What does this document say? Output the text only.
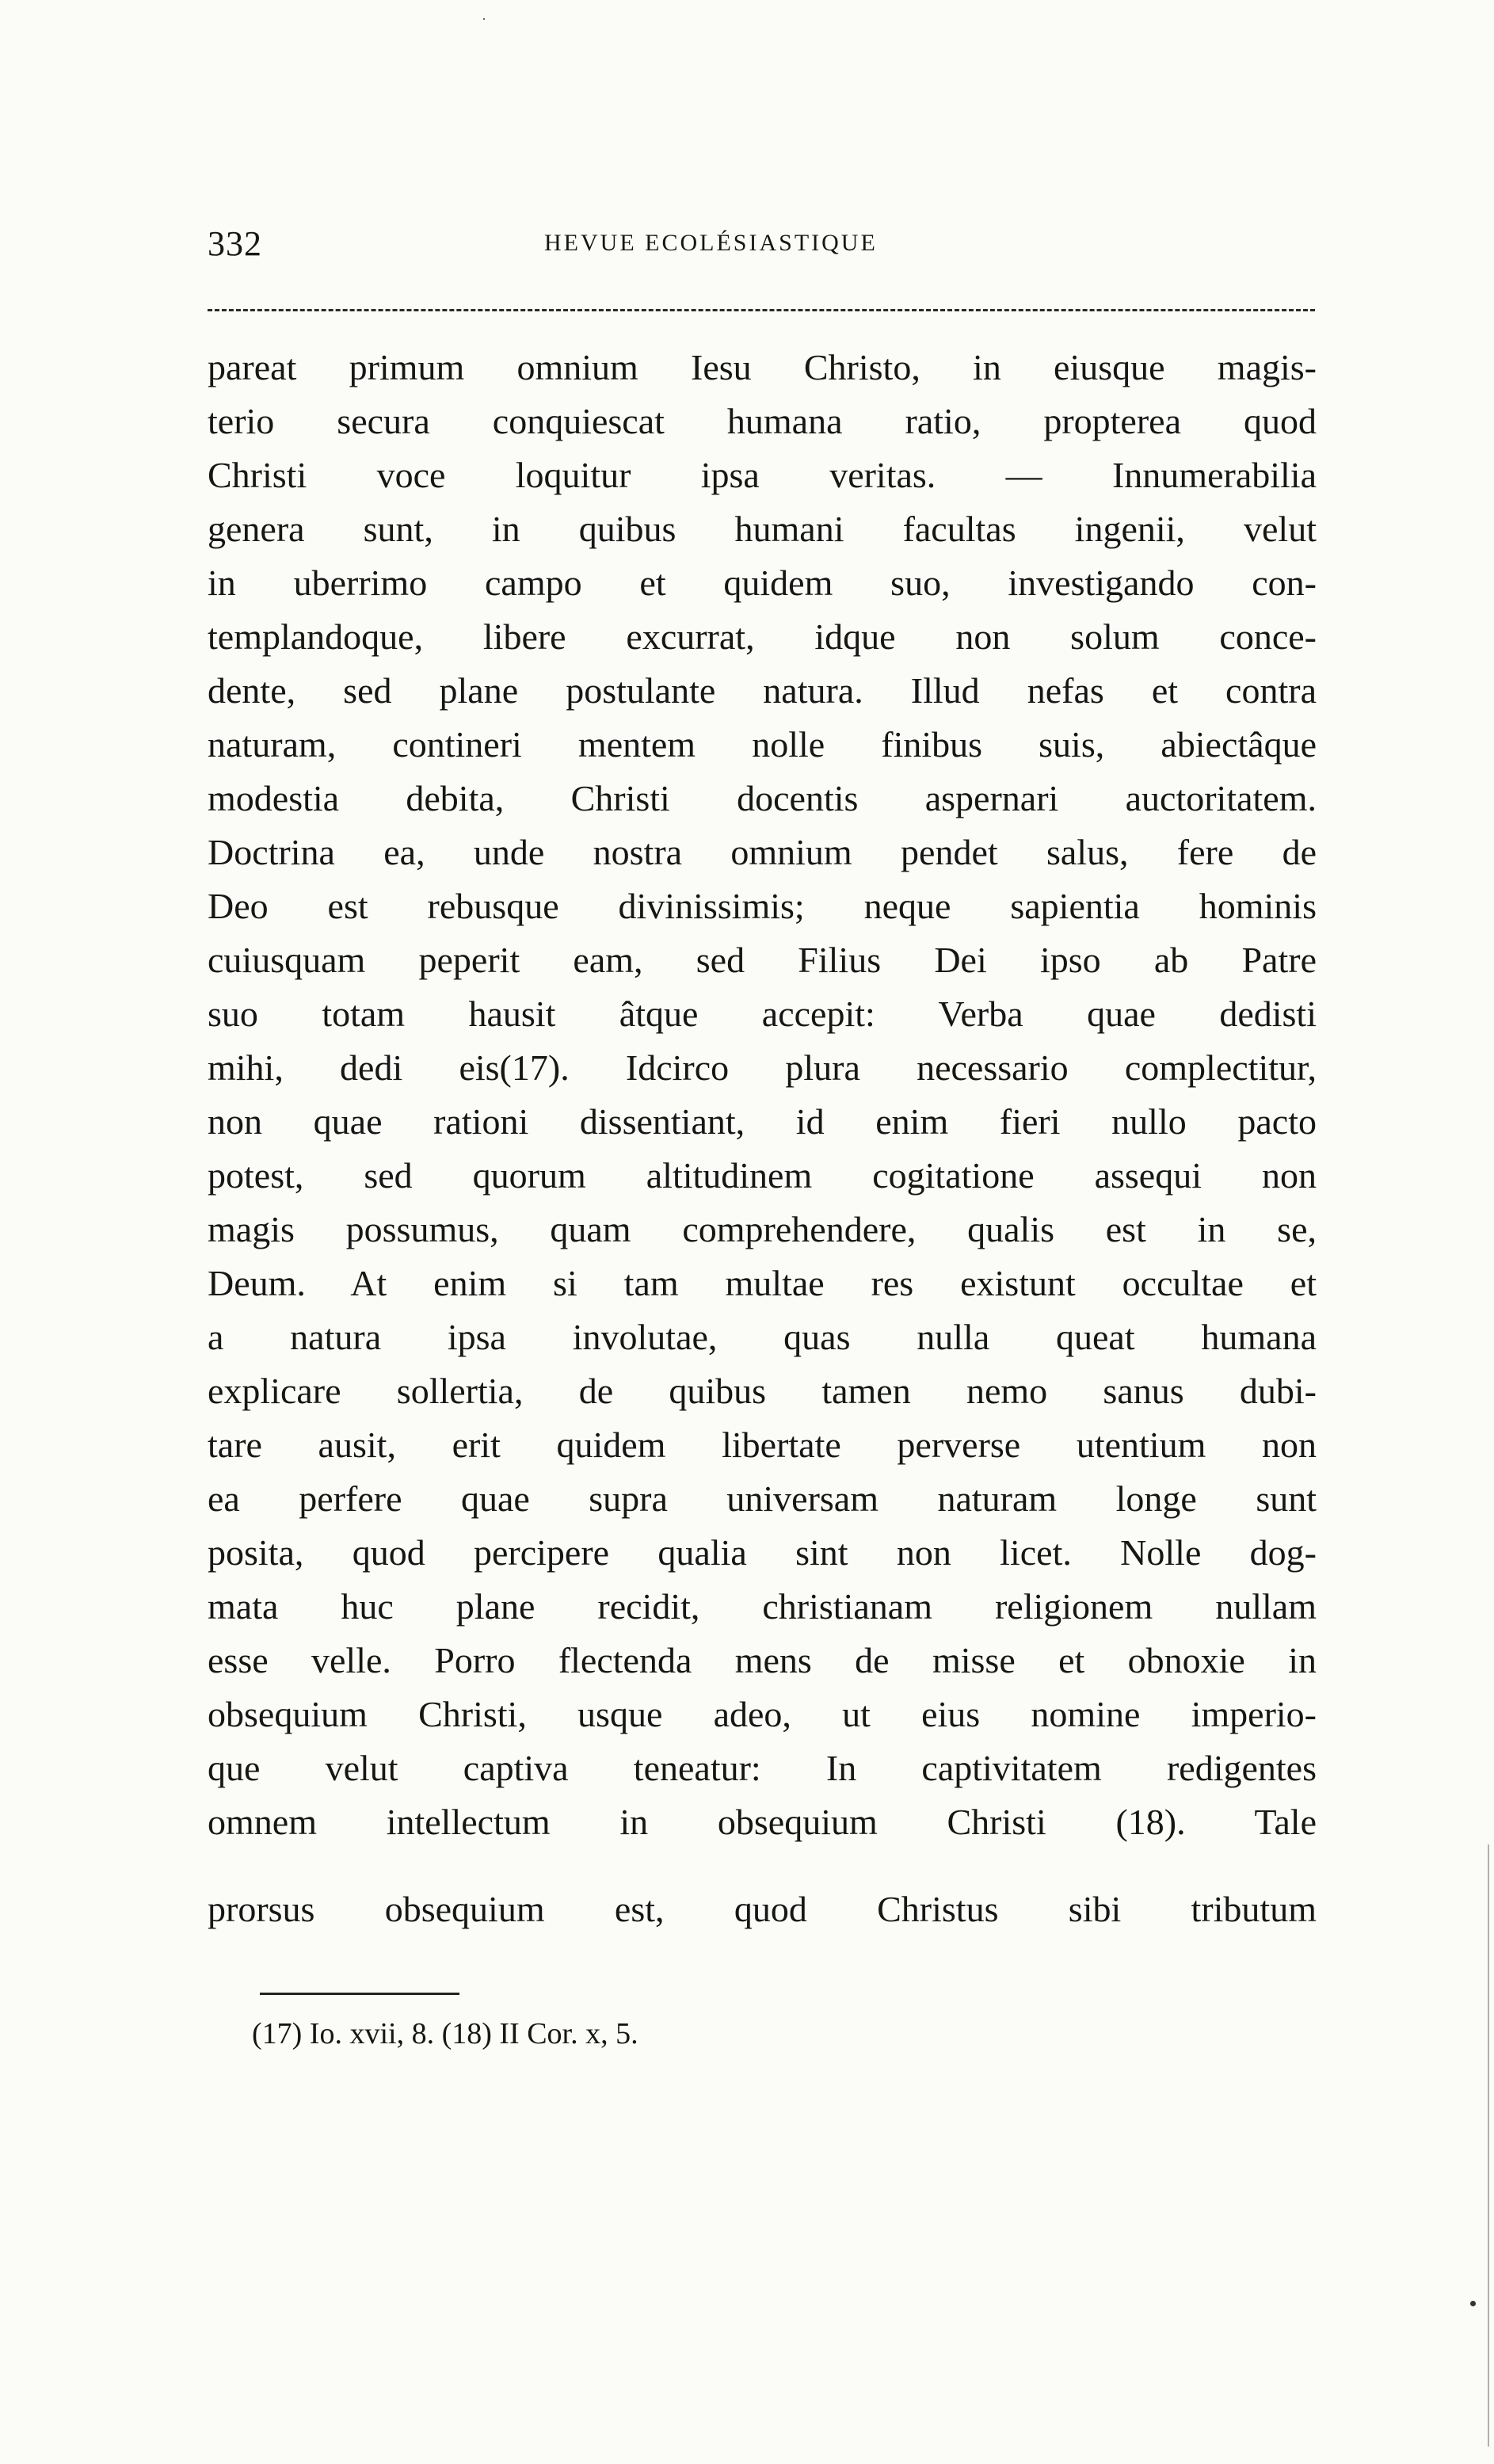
332	HEVUE ECOLÉSIASTIQUE
pareat primum omnium Iesu Christo, in eiusque magis-
terio secura conquiescat humana ratio, propterea quod
Christi voce loquitur ipsa veritas. — Innumerabilia
genera sunt, in quibus humani facultas ingenii, velut
in uberrimo campo et quidem suo, investigando con-
templandoque, libere excurrat, idque non solum conce-
dente, sed plane postulante natura. Illud nefas et contra
naturam, contineri mentem nolle finibus suis, abiectâque
modestia debita, Christi docentis aspernari auctoritatem.
Doctrina ea, unde nostra omnium pendet salus, fere de
Deo est rebusque divinissimis; neque sapientia hominis
cuiusquam peperit eam, sed Filius Dei ipso ab Patre
suo totam hausit âtque accepit: Verba quae dedisti
mihi, dedi eis(17). Idcirco plura necessario complectitur,
non quae rationi dissentiant, id enim fieri nullo pacto
potest, sed quorum altitudinem cogitatione assequi non
magis possumus, quam comprehendere, qualis est in se,
Deum. At enim si tam multae res existunt occultae et
a natura ipsa involutae, quas nulla queat humana
explicare sollertia, de quibus tamen nemo sanus dubi-
tare ausit, erit quidem libertate perverse utentium non
ea perfere quae supra universam naturam longe sunt
posita, quod percipere qualia sint non licet. Nolle dog-
mata huc plane recidit, christianam religionem nullam
esse velle. Porro flectenda mens de misse et obnoxie in
obsequium Christi, usque adeo, ut eius nomine imperio-
que velut captiva teneatur: In captivitatem redigentes
omnem intellectum in obsequium Christi (18). Tale
prorsus obsequium est, quod Christus sibi tributum
(17) Io. xvii, 8. (18) II Cor. x, 5.
